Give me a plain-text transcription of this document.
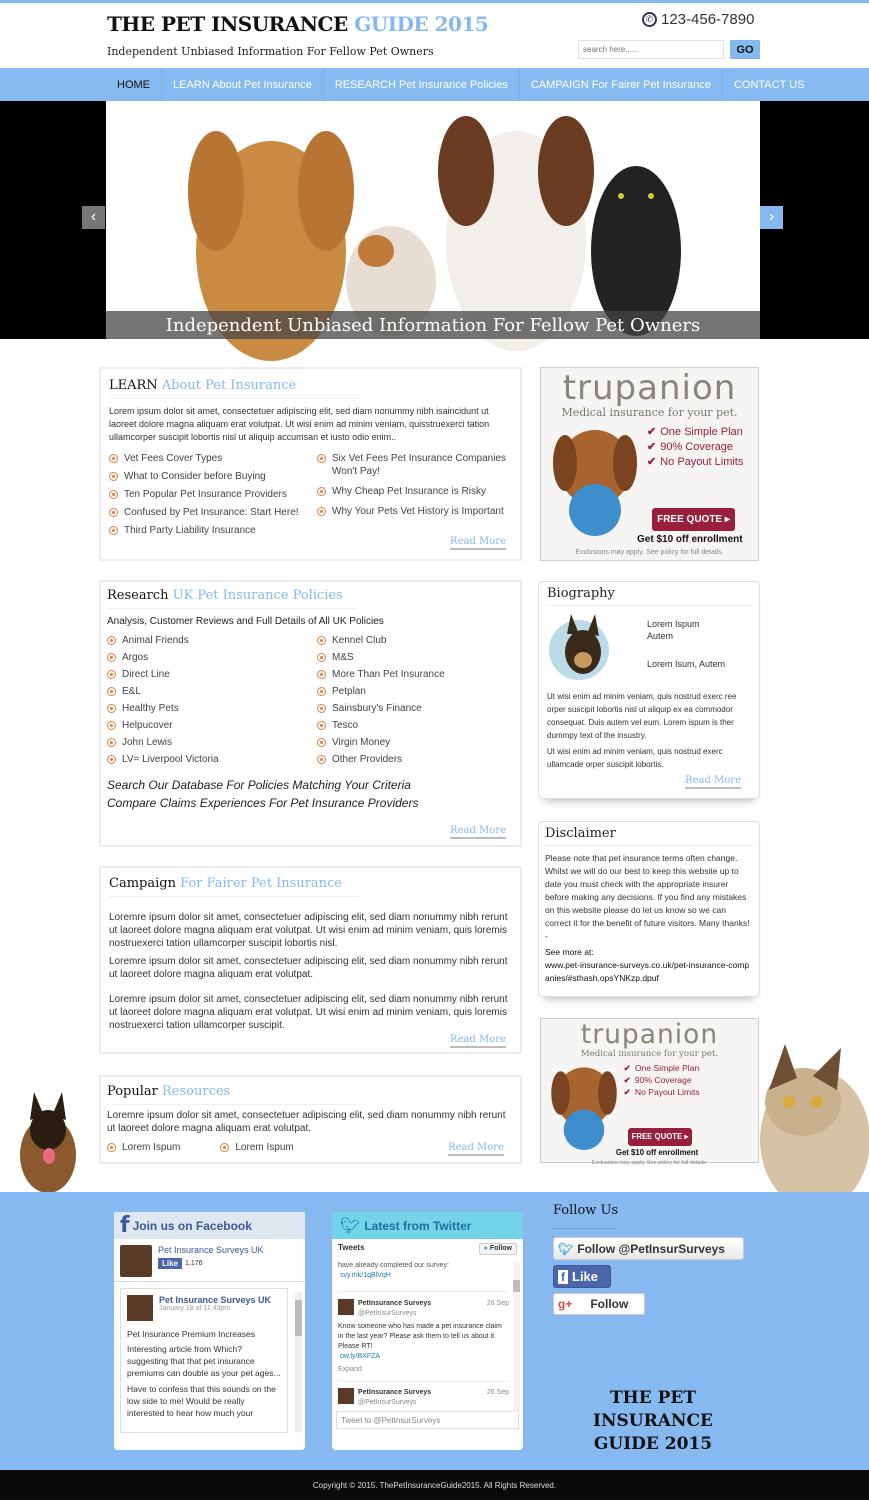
THE PET INSURANCE GUIDE 2015
Independent Unbiased Information For Fellow Pet Owners
✆ 123-456-7890
search here......
GO
HOME	LEARN About Pet Insurance	RESEARCH Pet Insurance Policies	CAMPAIGN For Fairer Pet Insurance	CONTACT US
Independent Unbiased Information For Fellow Pet Owners
‹	›
LEARN About Pet Insurance

Lorem ipsum dolor sit amet, consectetuer adipiscing elit, sed diam nonummy nibh isaincidunt ut laoreet dolore magna aliquam erat volutpat. Ut wisi enim ad minim veniam, quisstruexerci tation ullamcorper suscipit lobortis nisl ut aliquip accumsan et iusto odio enim..

Vet Fees Cover Types
What to Consider before Buying
Ten Popular Pet Insurance Providers
Confused by Pet Insurance: Start Here!
Third Party Liability Insurance
Six Vet Fees Pet Insurance Companies Won't Pay!
Why Cheap Pet Insurance is Risky
Why Your Pets Vet History is Important
Read More
Research UK Pet Insurance Policies

Analysis, Customer Reviews and Full Details of All UK Policies

Animal Friends
Argos
Direct Line
E&L
Healthy Pets
Helpucover
John Lewis
LV= Liverpool Victoria
Kennel Club
M&S
More Than Pet Insurance
Petplan
Sainsbury's Finance
Tesco
Virgin Money
Other Providers

Search Our Database For Policies Matching Your Criteria
Compare Claims Experiences For Pet Insurance Providers

Read More
Campaign For Fairer Pet Insurance

Loremre ipsum dolor sit amet, consectetuer adipiscing elit, sed diam nonummy nibh rerunt ut laoreet dolore magna aliquam erat volutpat. Ut wisi enim ad minim veniam, quis loremis nostruexerci tation ullamcorper suscipit lobortis nisl.

Loremre ipsum dolor sit amet, consectetuer adipiscing elit, sed diam nonummy nibh rerunt ut laoreet dolore magna aliquam erat volutpat.

Loremre ipsum dolor sit amet, consectetuer adipiscing elit, sed diam nonummy nibh rerunt ut laoreet dolore magna aliquam erat volutpat. Ut wisi enim ad minim veniam, quis loremis nostruexerci tation ullamcorper suscipit.

Read More
Popular Resources

Loremre ipsum dolor sit amet, consectetuer adipiscing elit, sed diam nonummy nibh rerunt ut laoreet dolore magna aliquam erat volutpat.

Lorem Ispum	Lorem Ispum	Read More
trupanion
Medical insurance for your pet.
✔ One Simple Plan
✔ 90% Coverage
✔ No Payout Limits
FREE QUOTE ▸
Get $10 off enrollment
Exclusions may apply. See policy for full details.
trupanion
Medical insurance for your pet.
✔ One Simple Plan
✔ 90% Coverage
✔ No Payout Limits
FREE QUOTE ▸
Get $10 off enrollment
Exclusions may apply. See policy for full details.
Biography
Lorem Ispum Autem
Lorem Isum, Autem

Ut wisi enim ad minim veniam, quis nostrud exerc ree orper suscipit lobortis nisl ut aliquip ex ea commodor consequat. Duis autem vel eum. Lorem ispum is ther dummpy text of the insustry.

Ut wisi enim ad minim veniam, quis nostrud exerc ullamcade orper suscipit lobortis.

Read More
Disclaimer

Please note that pet insurance terms often change. Whilst we will do our best to keep this website up to date you must check with the appropriate insurer before making any decisions. If you find any mistakes on this website please do let us know so we can correct it for the benefit of future visitors. Many thanks! -

See more at:

www.pet-insurance-surveys.co.uk/pet-insurance-companies/#sthash.opsYNKzp.dpuf

f Join us on Facebook
Pet Insurance Surveys UK
Like	1,176
Pet Insurance Surveys UK
January 18 at 11:43pm
Pet Insurance Premium Increases
Interesting article from Which? suggesting that that pet insurance premiums can double as your pet ages...
Have to confess that this sounds on the low side to me! Would be really interested to hear how much your
🐦︎ Latest from Twitter
Tweets	● Follow
have already completed our survey:
svy.mk/1qBlVqH
PetInsurance Surveys
@PetInsurSurveys
26 Sep
Know someone who has made a pet insurance claim in the last year? Please ask them to tell us about it. Please RT!
ow.ly/BXFZA
Expand
PetInsurance Surveys
@PetInsurSurveys
26 Sep
Tweet to @PetInsurSurveys
Follow Us
🐦︎ Follow @PetInsurSurveys
f Like
g+ Follow
THE PET INSURANCE
GUIDE 2015
Copyright © 2015. ThePetInsuranceGuide2015. All Rights Reserved.
